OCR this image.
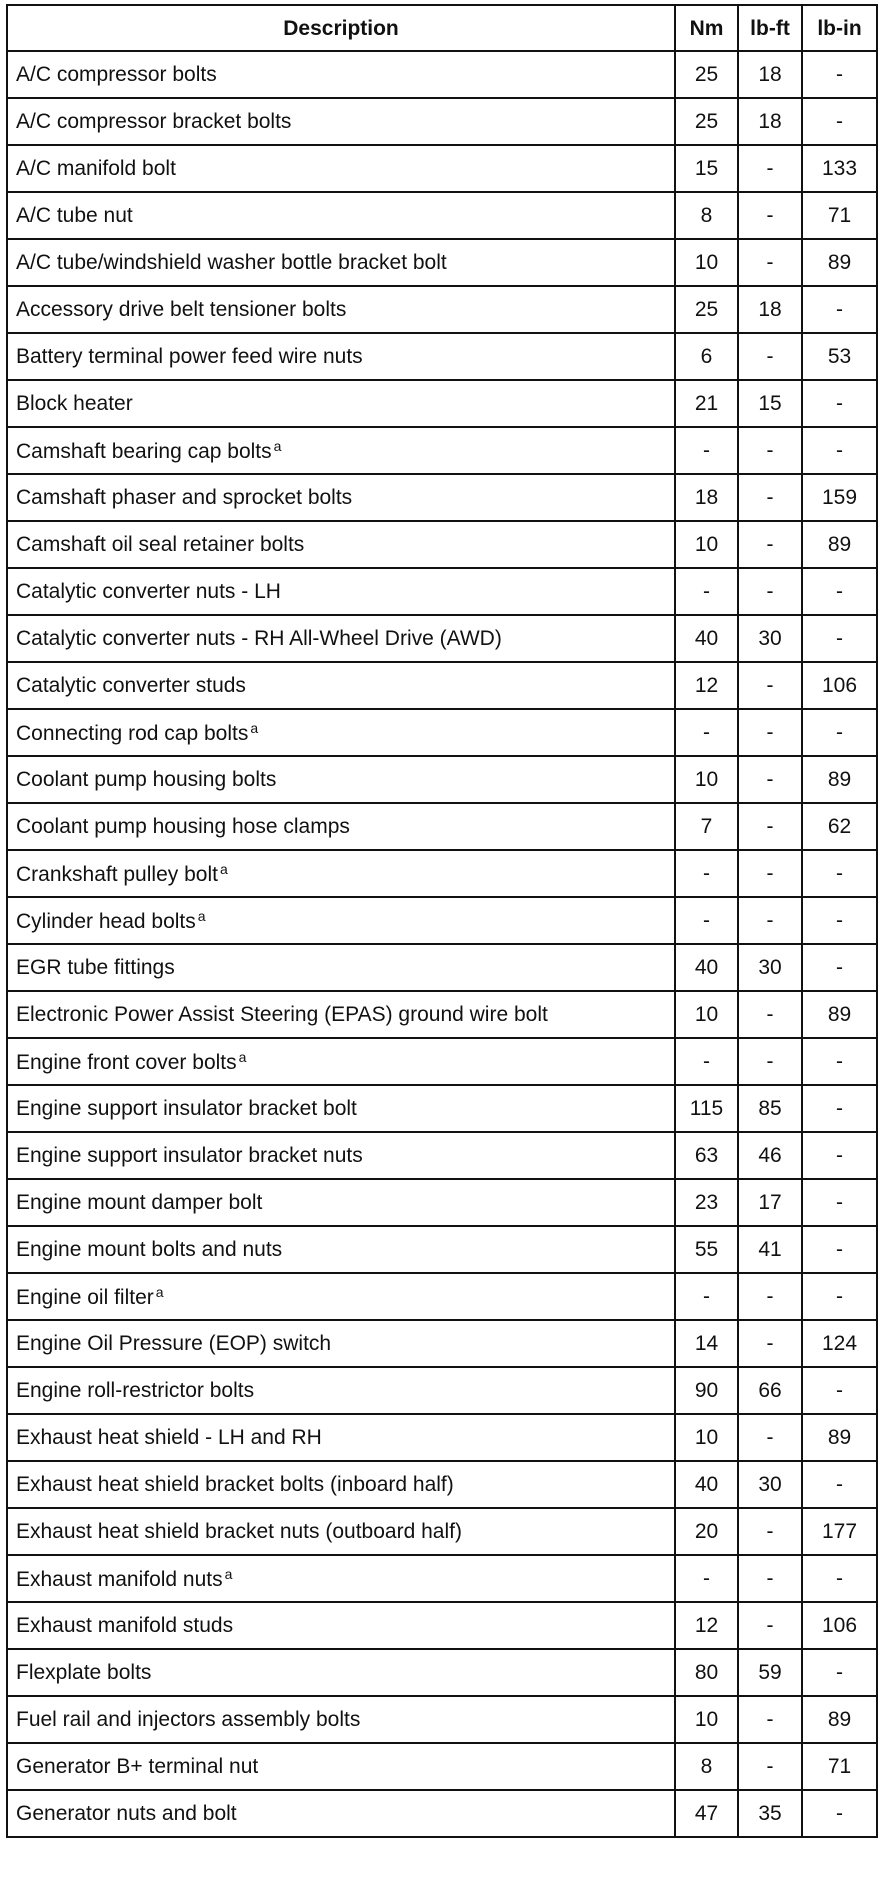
Description	Nm	lb-ft	lb-in
A/C compressor bolts	25	18	-
A/C compressor bracket bolts	25	18	-
A/C manifold bolt	15	-	133
A/C tube nut	8	-	71
A/C tube/windshield washer bottle bracket bolt	10	-	89
Accessory drive belt tensioner bolts	25	18	-
Battery terminal power feed wire nuts	6	-	53
Block heater	21	15	-
Camshaft bearing cap bolts $^a$	-	-	-
Camshaft phaser and sprocket bolts	18	-	159
Camshaft oil seal retainer bolts	10	-	89
Catalytic converter nuts - LH	-	-	-
Catalytic converter nuts - RH All-Wheel Drive (AWD)	40	30	-
Catalytic converter studs	12	-	106
Connecting rod cap bolts $^a$	-	-	-
Coolant pump housing bolts	10	-	89
Coolant pump housing hose clamps	7	-	62
Crankshaft pulley bolt $^a$	-	-	-
Cylinder head bolts $^a$	-	-	-
EGR tube fittings	40	30	-
Electronic Power Assist Steering (EPAS) ground wire bolt	10	-	89
Engine front cover bolts $^a$	-	-	-
Engine support insulator bracket bolt	115	85	-
Engine support insulator bracket nuts	63	46	-
Engine mount damper bolt	23	17	-
Engine mount bolts and nuts	55	41	-
Engine oil filter $^a$	-	-	-
Engine Oil Pressure (EOP) switch	14	-	124
Engine roll-restrictor bolts	90	66	-
Exhaust heat shield - LH and RH	10	-	89
Exhaust heat shield bracket bolts (inboard half)	40	30	-
Exhaust heat shield bracket nuts (outboard half)	20	-	177
Exhaust manifold nuts $^a$	-	-	-
Exhaust manifold studs	12	-	106
Flexplate bolts	80	59	-
Fuel rail and injectors assembly bolts	10	-	89
Generator B+ terminal nut	8	-	71
Generator nuts and bolt	47	35	-
